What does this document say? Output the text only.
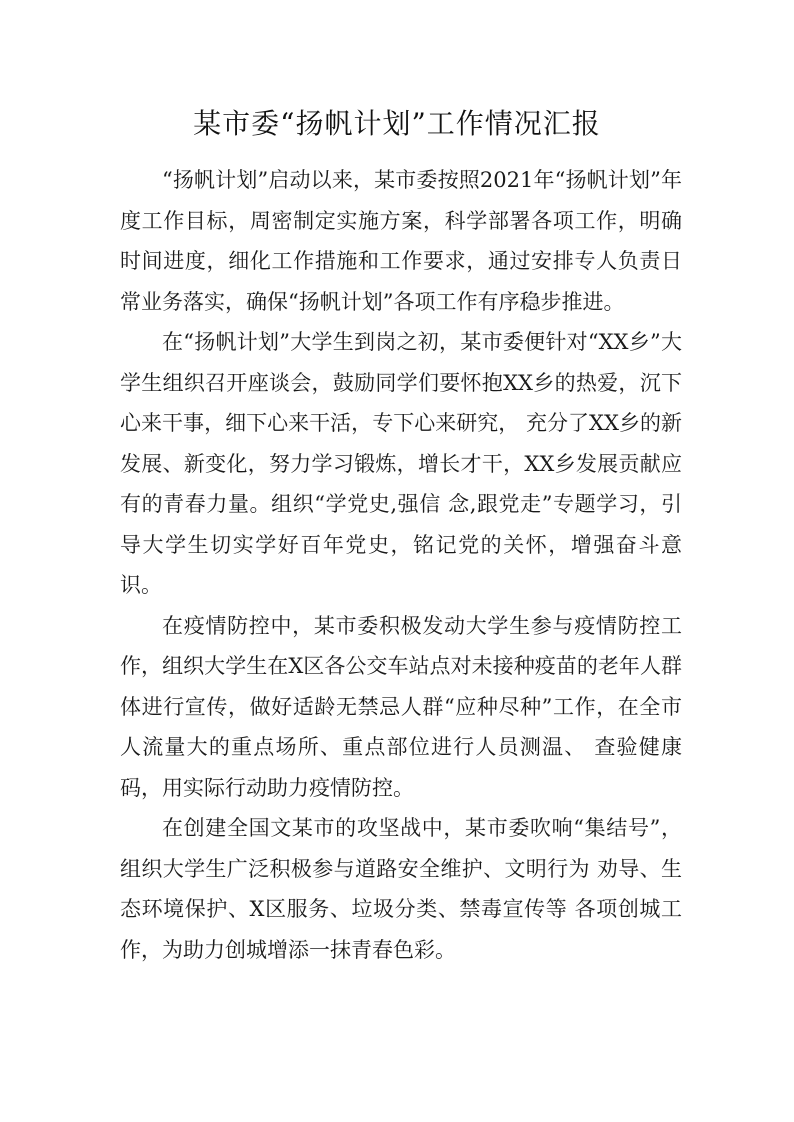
某市委“扬帆计划”工作情况汇报

“扬帆计划”启动以来，某市委按照2021年“扬帆计划”年度工作目标，周密制定实施方案，科学部署各项工作，明确时间进度，细化工作措施和工作要求，通过安排专人负责日常业务落实，确保“扬帆计划”各项工作有序稳步推进。

在“扬帆计划”大学生到岗之初，某市委便针对“XX乡”大学生组织召开座谈会，鼓励同学们要怀抱XX乡的热爱，沉下心来干事，细下心来干活，专下心来研究， 充分了XX乡的新发展、新变化，努力学习锻炼，增长才干，XX乡发展贡献应有的青春力量。组织“学党史,强信 念,跟党走”专题学习，引导大学生切实学好百年党史，铭记党的关怀，增强奋斗意识。

在疫情防控中，某市委积极发动大学生参与疫情防控工作，组织大学生在X区各公交车站点对未接种疫苗的老年人群体进行宣传，做好适龄无禁忌人群“应种尽种”工作，在全市人流量大的重点场所、重点部位进行人员测温、 查验健康码，用实际行动助力疫情防控。

在创建全国文某市的攻坚战中，某市委吹响“集结号”，组织大学生广泛积极参与道路安全维护、文明行为 劝导、生态环境保护、X区服务、垃圾分类、禁毒宣传等 各项创城工作，为助力创城增添一抹青春色彩。
